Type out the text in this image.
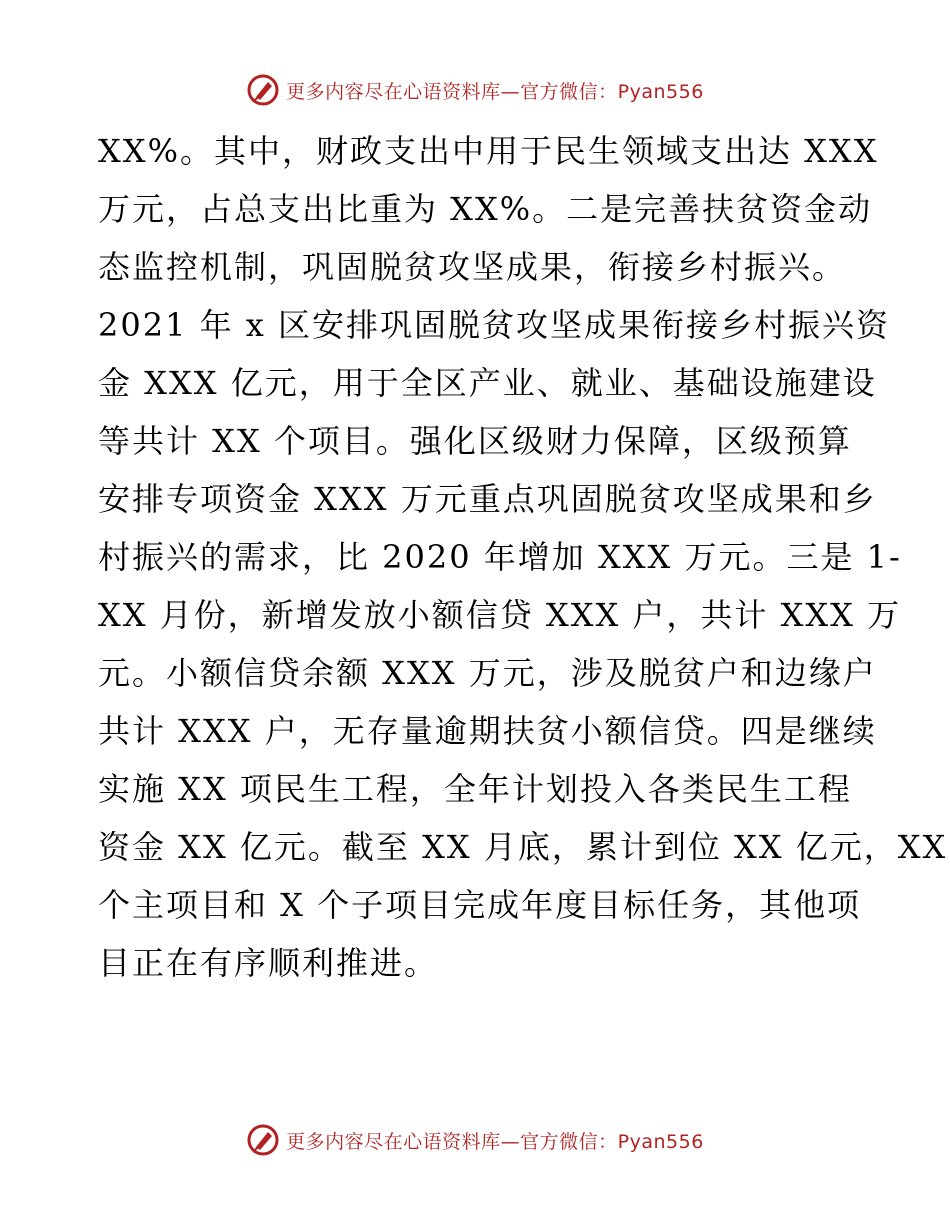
更多内容尽在心语资料库—官方微信：Pyan556
XX%。其中，财政支出中用于民生领域支出达 XXX
万元，占总支出比重为 XX%。二是完善扶贫资金动
态监控机制，巩固脱贫攻坚成果，衔接乡村振兴。
2021 年 x 区安排巩固脱贫攻坚成果衔接乡村振兴资
金 XXX 亿元，用于全区产业、就业、基础设施建设
等共计 XX 个项目。强化区级财力保障，区级预算
安排专项资金 XXX 万元重点巩固脱贫攻坚成果和乡
村振兴的需求，比 2020 年增加 XXX 万元。三是 1-
XX 月份，新增发放小额信贷 XXX 户，共计 XXX 万
元。小额信贷余额 XXX 万元，涉及脱贫户和边缘户
共计 XXX 户，无存量逾期扶贫小额信贷。四是继续
实施 XX 项民生工程，全年计划投入各类民生工程
资金 XX 亿元。截至 XX 月底，累计到位 XX 亿元，XX
个主项目和 X 个子项目完成年度目标任务，其他项
目正在有序顺利推进。
更多内容尽在心语资料库—官方微信：Pyan556
